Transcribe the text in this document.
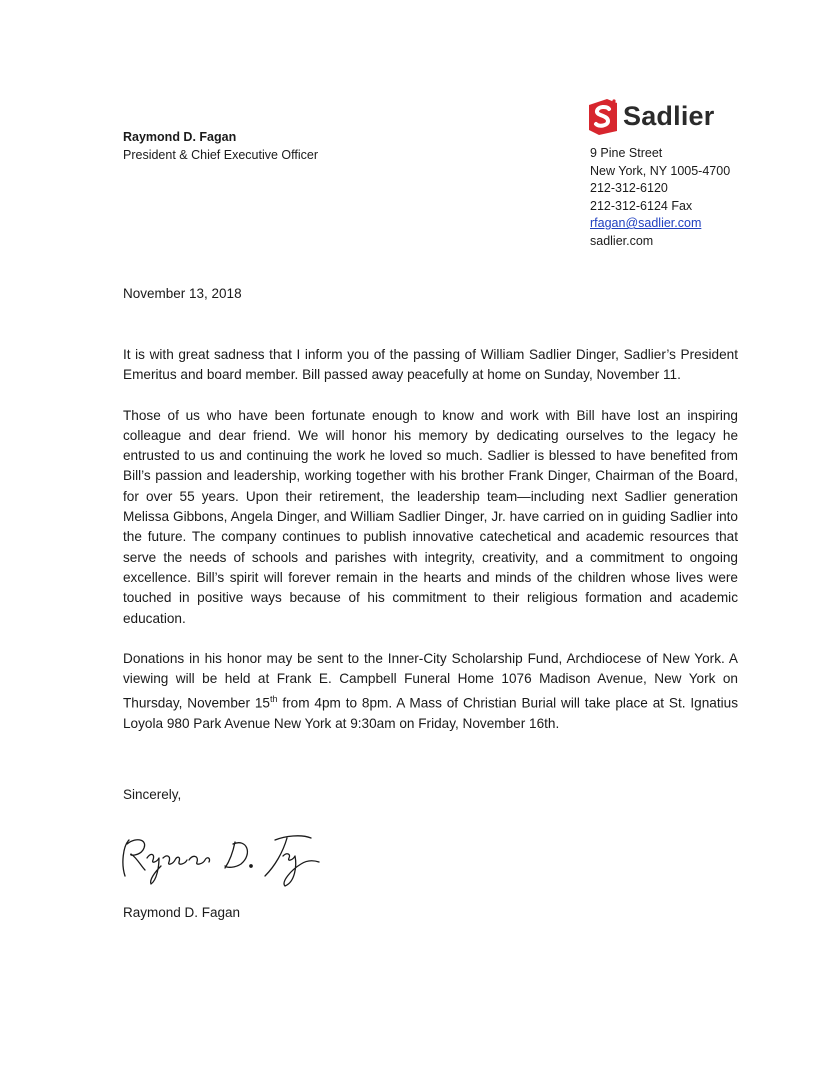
Raymond D. Fagan
President & Chief Executive Officer
Sadlier
9 Pine Street
New York, NY 1005-4700
212-312-6120
212-312-6124 Fax
rfagan@sadlier.com
sadlier.com
November 13, 2018

It is with great sadness that I inform you of the passing of William Sadlier Dinger, Sadlier’s President Emeritus and board member. Bill passed away peacefully at home on Sunday, November 11.

Those of us who have been fortunate enough to know and work with Bill have lost an inspiring colleague and dear friend. We will honor his memory by dedicating ourselves to the legacy he entrusted to us and continuing the work he loved so much. Sadlier is blessed to have benefited from Bill’s passion and leadership, working together with his brother Frank Dinger, Chairman of the Board, for over 55 years. Upon their retirement, the leadership team—including next Sadlier generation Melissa Gibbons, Angela Dinger, and William Sadlier Dinger, Jr. have carried on in guiding Sadlier into the future. The company continues to publish innovative catechetical and academic resources that serve the needs of schools and parishes with integrity, creativity, and a commitment to ongoing excellence. Bill’s spirit will forever remain in the hearts and minds of the children whose lives were touched in positive ways because of his commitment to their religious formation and academic education.

Donations in his honor may be sent to the Inner-City Scholarship Fund, Archdiocese of New York. A viewing will be held at Frank E. Campbell Funeral Home 1076 Madison Avenue, New York on Thursday, November 15th from 4pm to 8pm. A Mass of Christian Burial will take place at St. Ignatius Loyola 980 Park Avenue New York at 9:30am on Friday, November 16th.

Sincerely,
Raymond D. Fagan
